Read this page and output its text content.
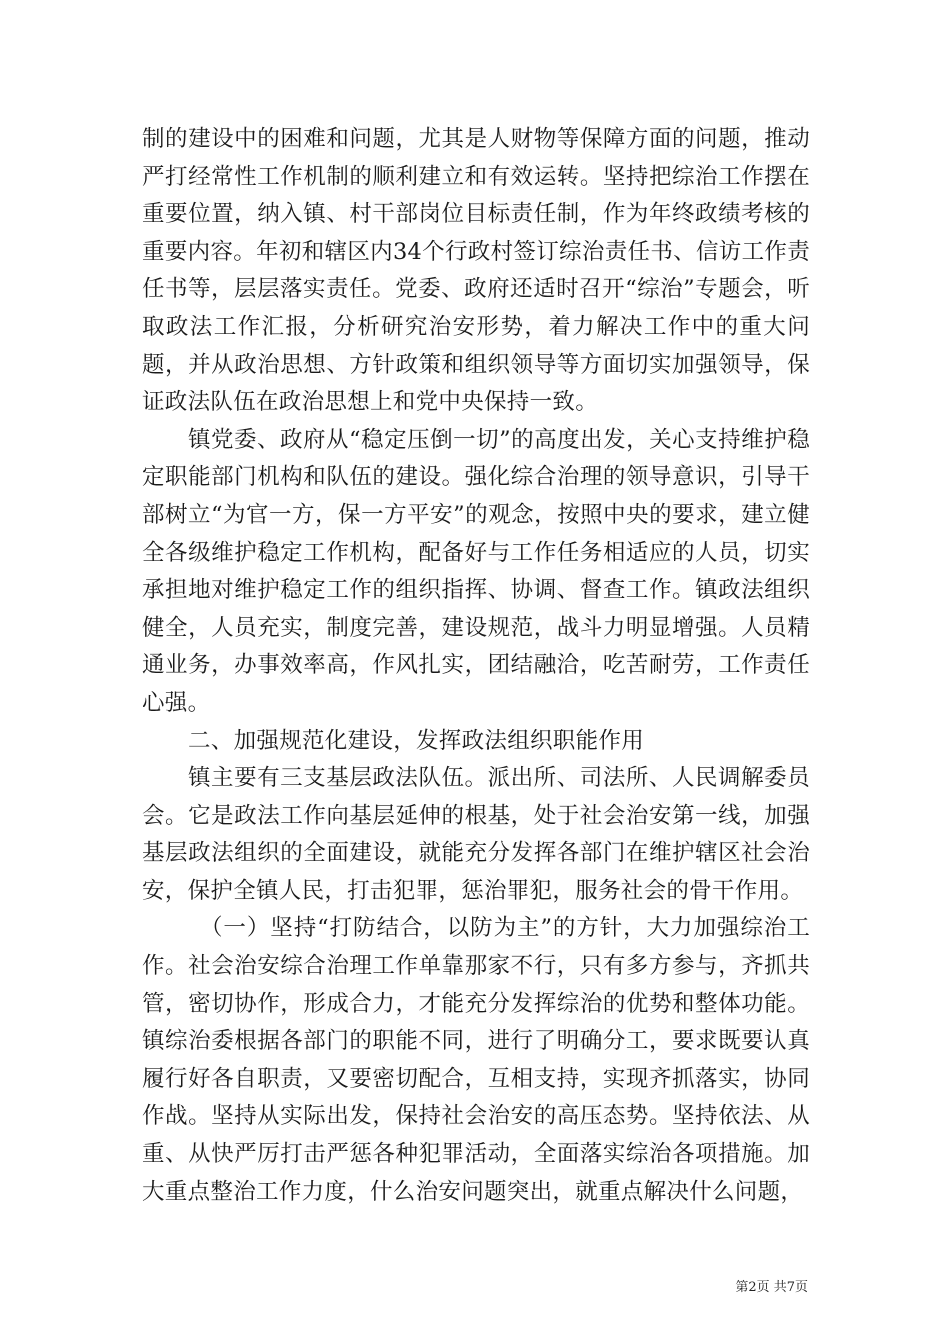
制的建设中的困难和问题，尤其是人财物等保障方面的问题，推动严打经常性工作机制的顺利建立和有效运转。坚持把综治工作摆在重要位置，纳入镇、村干部岗位目标责任制，作为年终政绩考核的重要内容。年初和辖区内34个行政村签订综治责任书、信访工作责任书等，层层落实责任。党委、政府还适时召开“综治”专题会，听取政法工作汇报，分析研究治安形势，着力解决工作中的重大问题，并从政治思想、方针政策和组织领导等方面切实加强领导，保证政法队伍在政治思想上和党中央保持一致。

镇党委、政府从“稳定压倒一切”的高度出发，关心支持维护稳定职能部门机构和队伍的建设。强化综合治理的领导意识，引导干部树立“为官一方，保一方平安”的观念，按照中央的要求，建立健全各级维护稳定工作机构，配备好与工作任务相适应的人员，切实承担地对维护稳定工作的组织指挥、协调、督查工作。镇政法组织健全，人员充实，制度完善，建设规范，战斗力明显增强。人员精通业务，办事效率高，作风扎实，团结融洽，吃苦耐劳，工作责任心强。

二、加强规范化建设，发挥政法组织职能作用

镇主要有三支基层政法队伍。派出所、司法所、人民调解委员会。它是政法工作向基层延伸的根基，处于社会治安第一线，加强基层政法组织的全面建设，就能充分发挥各部门在维护辖区社会治安，保护全镇人民，打击犯罪，惩治罪犯，服务社会的骨干作用。

（一）坚持“打防结合，以防为主”的方针，大力加强综治工作。社会治安综合治理工作单靠那家不行，只有多方参与，齐抓共管，密切协作，形成合力，才能充分发挥综治的优势和整体功能。镇综治委根据各部门的职能不同，进行了明确分工，要求既要认真履行好各自职责，又要密切配合，互相支持，实现齐抓落实，协同作战。坚持从实际出发，保持社会治安的高压态势。坚持依法、从重、从快严厉打击严惩各种犯罪活动，全面落实综治各项措施。加大重点整治工作力度，什么治安问题突出，就重点解决什么问题，

第2页 共7页
